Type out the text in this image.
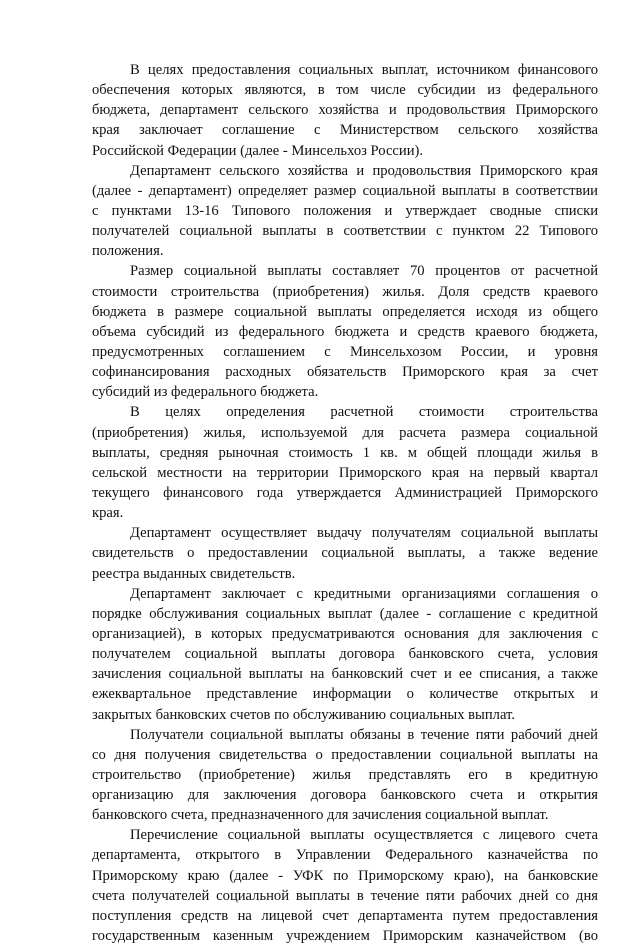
В целях предоставления социальных выплат, источником финансового
обеспечения которых являются, в том числе субсидии из федерального
бюджета, департамент сельского хозяйства и продовольствия Приморского
края заключает соглашение с Министерством сельского хозяйства
Российской Федерации (далее - Минсельхоз России).
Департамент сельского хозяйства и продовольствия Приморского края
(далее - департамент) определяет размер социальной выплаты в соответствии
с пунктами 13-16 Типового положения и утверждает сводные списки
получателей социальной выплаты в соответствии с пунктом 22 Типового
положения.
Размер социальной выплаты составляет 70 процентов от расчетной
стоимости строительства (приобретения) жилья. Доля средств краевого
бюджета в размере социальной выплаты определяется исходя из общего
объема субсидий из федерального бюджета и средств краевого бюджета,
предусмотренных соглашением с Минсельхозом России, и уровня
софинансирования расходных обязательств Приморского края за счет
субсидий из федерального бюджета.
В целях определения расчетной стоимости строительства
(приобретения) жилья, используемой для расчета размера социальной
выплаты, средняя рыночная стоимость 1 кв. м общей площади жилья в
сельской местности на территории Приморского края на первый квартал
текущего финансового года утверждается Администрацией Приморского
края.
Департамент осуществляет выдачу получателям социальной выплаты
свидетельств о предоставлении социальной выплаты, а также ведение
реестра выданных свидетельств.
Департамент заключает с кредитными организациями соглашения о
порядке обслуживания социальных выплат (далее - соглашение с кредитной
организацией), в которых предусматриваются основания для заключения с
получателем социальной выплаты договора банковского счета, условия
зачисления социальной выплаты на банковский счет и ее списания, а также
ежеквартальное представление информации о количестве открытых и
закрытых банковских счетов по обслуживанию социальных выплат.
Получатели социальной выплаты обязаны в течение пяти рабочий дней
со дня получения свидетельства о предоставлении социальной выплаты на
строительство (приобретение) жилья представлять его в кредитную
организацию для заключения договора банковского счета и открытия
банковского счета, предназначенного для зачисления социальной выплат.
Перечисление социальной выплаты осуществляется с лицевого счета
департамента, открытого в Управлении Федерального казначейства по
Приморскому краю (далее - УФК по Приморскому краю), на банковские
счета получателей социальной выплаты в течение пяти рабочих дней со дня
поступления средств на лицевой счет департамента путем предоставления
государственным казенным учреждением Приморским казначейством (во
